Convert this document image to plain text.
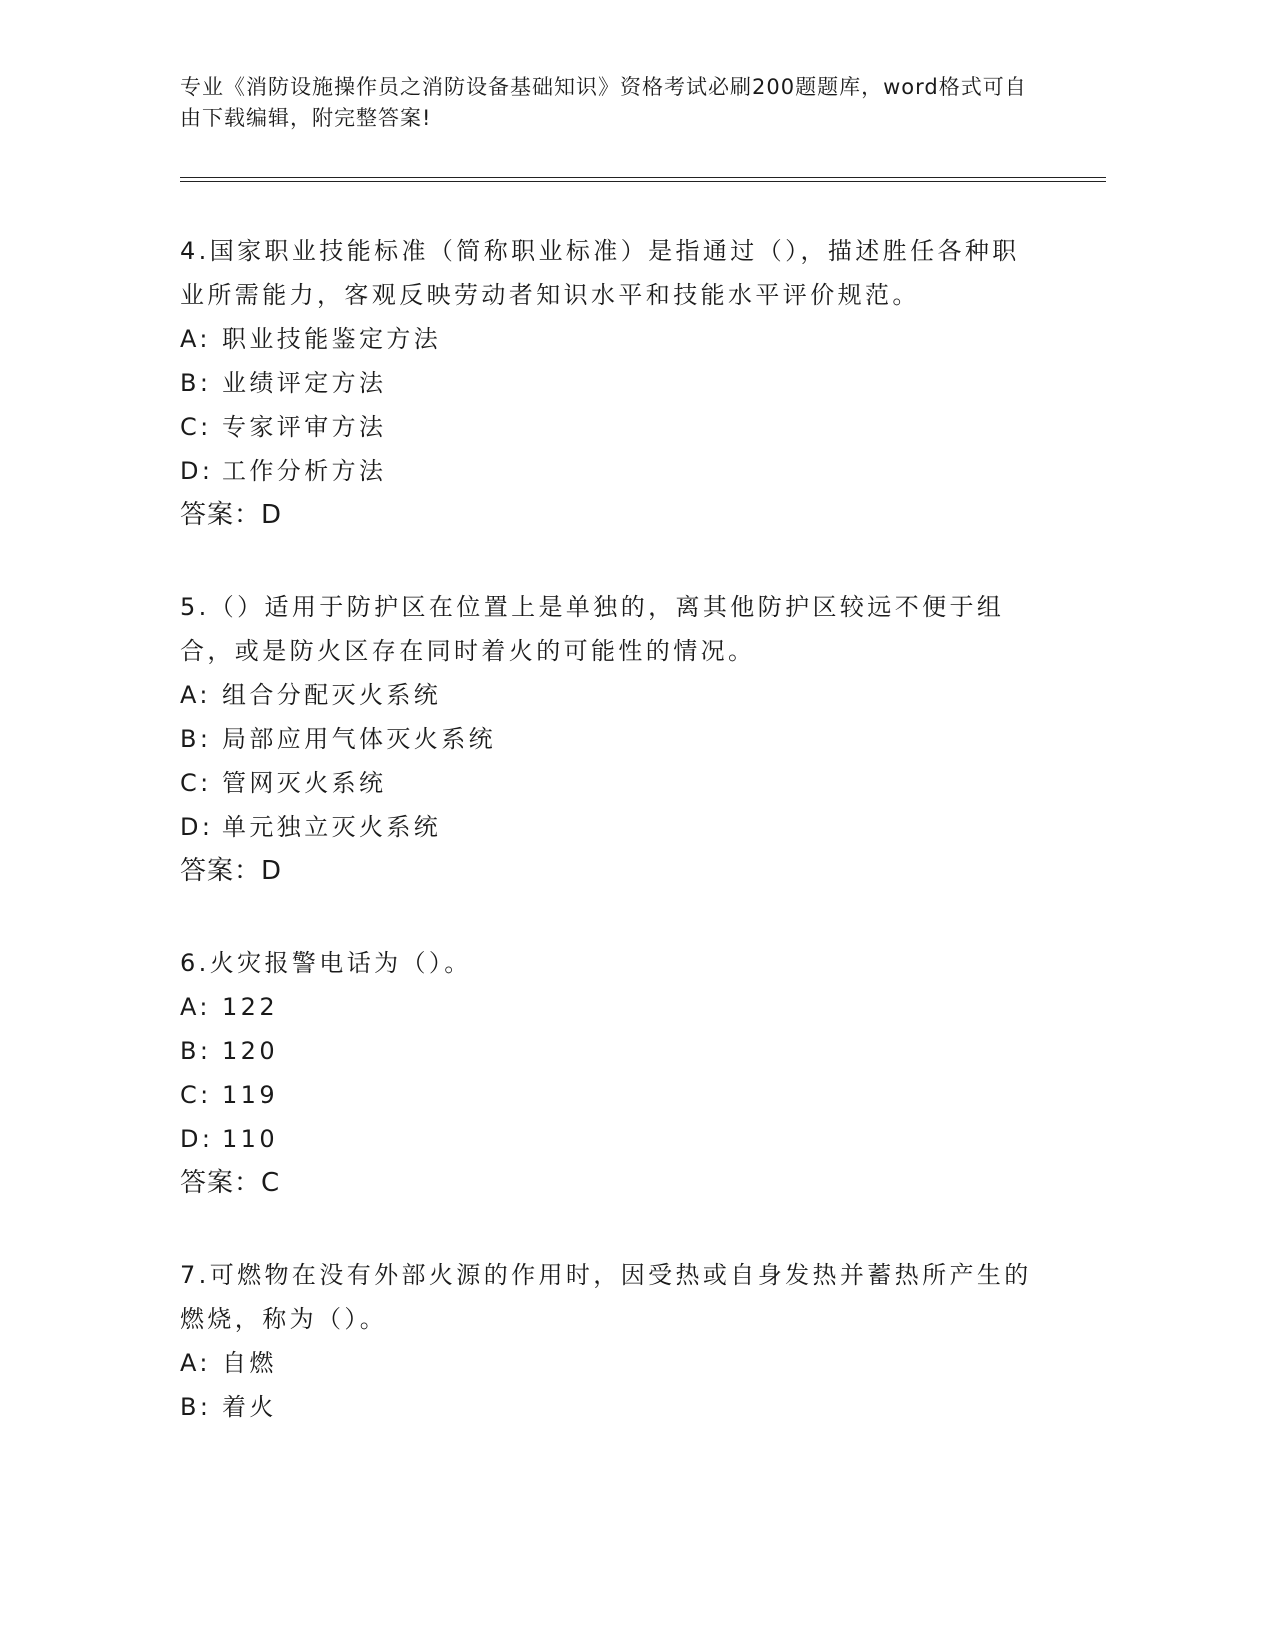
专业《消防设施操作员之消防设备基础知识》资格考试必刷200题题库，word格式可自由下载编辑，附完整答案!

4.国家职业技能标准（简称职业标准）是指通过（），描述胜任各种职业所需能力，客观反映劳动者知识水平和技能水平评价规范。

A: 职业技能鉴定方法

B: 业绩评定方法

C: 专家评审方法

D: 工作分析方法

答案：D

5.（）适用于防护区在位置上是单独的，离其他防护区较远不便于组合，或是防火区存在同时着火的可能性的情况。

A: 组合分配灭火系统

B: 局部应用气体灭火系统

C: 管网灭火系统

D: 单元独立灭火系统

答案：D

6.火灾报警电话为（）。

A: 122

B: 120

C: 119

D: 110

答案：C

7.可燃物在没有外部火源的作用时，因受热或自身发热并蓄热所产生的燃烧，称为（）。

A: 自燃

B: 着火
